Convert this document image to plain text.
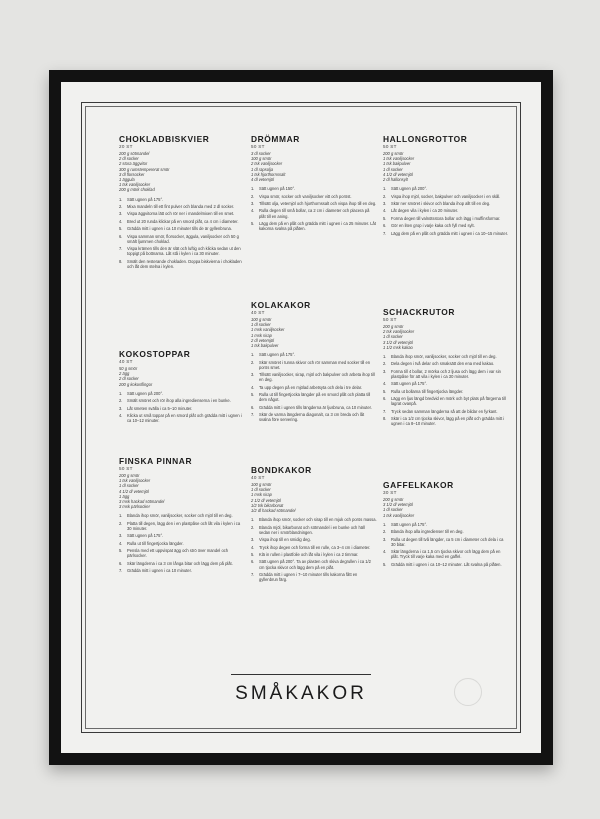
CHOKLADBISKVIER
20 ST
200 g sötmandel
2 dl socker
2 stora äggvitor
300 g rumstempererat smör
3 dl florsocker
1 äggula
1 tsk vaniljsocker
200 g mörk choklad
1.	Sätt ugnen på 175°.
2.	Mixa mandeln till ett fint pulver och blanda med 2 dl socker.
3.	Vispa äggvitorna lätt och rör ner i mandelmixen till en smet.
4.	Bred ut 20 runda klickar på en smord plåt, ca 4 cm i diameter.
5.	Grädda mitt i ugnen i ca 10 minuter tills de är gyllenbruna.
6.	Vispa samman smör, florsocker, äggula, vaniljsocker och 50 g smält ljummen choklad.
7.	Vispa krämen tills den är slät och luftig och klicka sedan ut den toppigt på bottnarna. Låt stå i kylen i ca 30 minuter.
8.	Smält den resterande chokladen. Doppa biskvierna i chokladen och låt dem stelna i kylen.
KOKOSTOPPAR
40 ST
50 g smör
2 ägg
2 dl socker
200 g kokosflingor
1.	Sätt ugnen på 200°.
2.	Smält smöret och rör ihop alla ingredienserna i en bunke.
3.	Låt smeten svälla i ca 5–10 minuter.
4.	Klicka ut små toppar på en smord plåt och grädda mitt i ugnen i ca 10–12 minuter.
FINSKA PINNAR
50 ST
200 g smör
1 tsk vaniljsocker
1 dl socker
4 1/2 dl vetemjöl
1 ägg
3 msk hackad sötmandel
3 msk pärlsocker
1.	Blanda ihop smör, vaniljsocker, socker och mjöl till en deg.
2.	Platta till degen, lägg den i en plastpåse och låt vila i kylen i ca 30 minuter.
3.	Sätt ugnen på 175°.
4.	Rulla ut till fingertjocka längder.
5.	Pensla med ett uppvispat ägg och strö över mandel och pärlsocker.
6.	Skär längderna i ca 3 cm långa bitar och lägg dem på plåt.
7.	Grädda mitt i ugnen i ca 10 minuter.
DRÖMMAR
50 ST
3 dl socker
100 g smör
2 tsk vaniljsocker
1 dl rapsolja
1 tsk hjorthornssalt
4 dl vetemjöl
1.	Sätt ugnen på 150°.
2.	Vispa smör, socker och vaniljsocker vitt och poröst.
3.	Tillsätt olja, vetemjöl och hjorthornssalt och vispa ihop till en deg.
4.	Rulla degen till små bollar, ca 2 cm i diameter och placera på plåt till en aning.
5.	Lägg dem på en plåt och grädda mitt i ugnen i ca 25 minuter. Låt kakorna svalna på plåten.
KOLAKAKOR
40 ST
100 g smör
1 dl socker
1 msk vaniljsocker
1 msk sirap
2 dl vetemjöl
1 tsk bakpulver
1.	Sätt ugnen på 175°.
2.	Skär smöret i tunna skivor och rör samman med socker till en porös smet.
3.	Tillsätt vaniljsocker, sirap, mjöl och bakpulver och arbeta ihop till en deg.
4.	Ta upp degen på en mjölad arbetsyta och dela i tre delar.
5.	Rulla ut till fingertjocka längder på en smord plåt och platta till dem något.
6.	Grädda mitt i ugnen tills längderna är ljusbruna, ca 10 minuter.
7.	Skär de varma längderna diagonalt, ca 3 cm breda och låt svalna före servering.
BONDKAKOR
40 ST
100 g smör
1 dl socker
1 msk sirap
2 1/2 dl vetemjöl
1/2 tsk bikarbonat
1/2 dl hackad sötmandel
1.	Blanda ihop smör, socker och sirap till en mjuk och porös massa.
2.	Blanda mjöl, bikarbonat och sötmandel i en bunke och häll sedan ner i smörblandningen.
3.	Vispa ihop till en smidig deg.
4.	Tryck ihop degen och forma till en rulle, ca 3–4 cm i diameter.
5.	Klä in rullen i plastfolie och låt vila i kylen i ca 2 timmar.
6.	Sätt ugnen på 200°. Ta av plasten och skiva degrullen i ca 1/2 cm tjocka skivor och lägg dem på en plåt.
7.	Grädda mitt i ugnen i 7–10 minuter tills kakorna fått en gyllenbrun färg.
HALLONGROTTOR
50 ST
200 g smör
1 tsk vaniljsocker
1 tsk bakpulver
1 dl socker
4 1/2 dl vetemjöl
2 dl hallonsylt
1.	Sätt ugnen på 200°.
2.	Vispa ihop mjöl, socker, bakpulver och vaniljsocker i en skål.
3.	Skär ner smöret i skivor och blanda ihop allt till en deg.
4.	Låt degen vila i kylen i ca 20 minuter.
5.	Forma degen till valnötsstora bollar och lägg i muffinsformar.
6.	Gör en liten grop i varje kaka och fyll med sylt.
7.	Lägg dem på en plåt och grädda mitt i ugnen i ca 10–15 minuter.
SCHACKRUTOR
50 ST
200 g smör
2 tsk vaniljsocker
1 dl socker
3 1/2 dl vetemjöl
1 1/2 msk kakao
1.	Blanda ihop smör, vaniljsocker, socker och mjöl till en deg.
2.	Dela degen i två delar och smaksätt den ena med kakao.
3.	Forma till 4 bollar, 2 mörka och 2 ljusa och lägg dem i var sin plastpåse för att vila i kylen i ca 30 minuter.
4.	Sätt ugnen på 175°.
5.	Rulla ut bollarna till fingertjocka längder.
6.	Lägg en ljus längd bredvid en mörk och byt plats på färgerna till lagrat ovanpå.
7.	Tryck sedan samman längderna så att de bildar en fyrkant.
8.	Skär i ca 1/2 cm tjocka skivor, lägg på en plåt och grädda mitt i ugnen i ca 8–10 minuter.
GAFFELKAKOR
30 ST
200 g smör
3 1/2 dl vetemjöl
1 dl socker
1 tsk vaniljsocker
1.	Sätt ugnen på 175°.
2.	Blanda ihop alla ingredienser till en deg.
3.	Rulla ut degen till två längder, ca 5 cm i diameter och dela i ca 30 bitar.
4.	Skär längderna i ca 1,5 cm tjocka skivor och lägg dem på en plåt. Tryck till varje kaka med en gaffel.
5.	Grädda mitt i ugnen i ca 10–12 minuter. Låt svalna på plåten.
SMÅKAKOR
